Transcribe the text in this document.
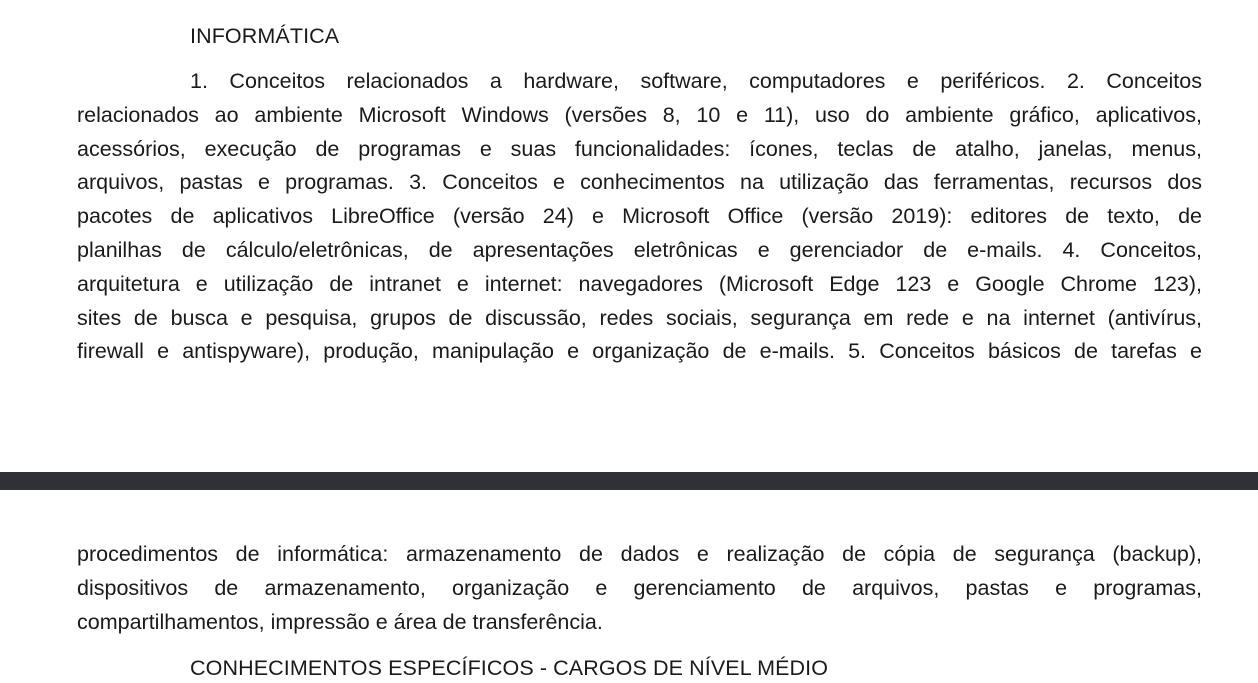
INFORMÁTICA
1. Conceitos relacionados a hardware, software, computadores e periféricos. 2. Conceitos
relacionados ao ambiente Microsoft Windows (versões 8, 10 e 11), uso do ambiente gráfico, aplicativos,
acessórios, execução de programas e suas funcionalidades: ícones, teclas de atalho, janelas, menus,
arquivos, pastas e programas. 3. Conceitos e conhecimentos na utilização das ferramentas, recursos dos
pacotes de aplicativos LibreOffice (versão 24) e Microsoft Office (versão 2019): editores de texto, de
planilhas de cálculo/eletrônicas, de apresentações eletrônicas e gerenciador de e-mails. 4. Conceitos,
arquitetura e utilização de intranet e internet: navegadores (Microsoft Edge 123 e Google Chrome 123),
sites de busca e pesquisa, grupos de discussão, redes sociais, segurança em rede e na internet (antivírus,
firewall e antispyware), produção, manipulação e organização de e-mails. 5. Conceitos básicos de tarefas e
procedimentos de informática: armazenamento de dados e realização de cópia de segurança (backup),
dispositivos de armazenamento, organização e gerenciamento de arquivos, pastas e programas,
compartilhamentos, impressão e área de transferência.
CONHECIMENTOS ESPECÍFICOS - CARGOS DE NÍVEL MÉDIO
